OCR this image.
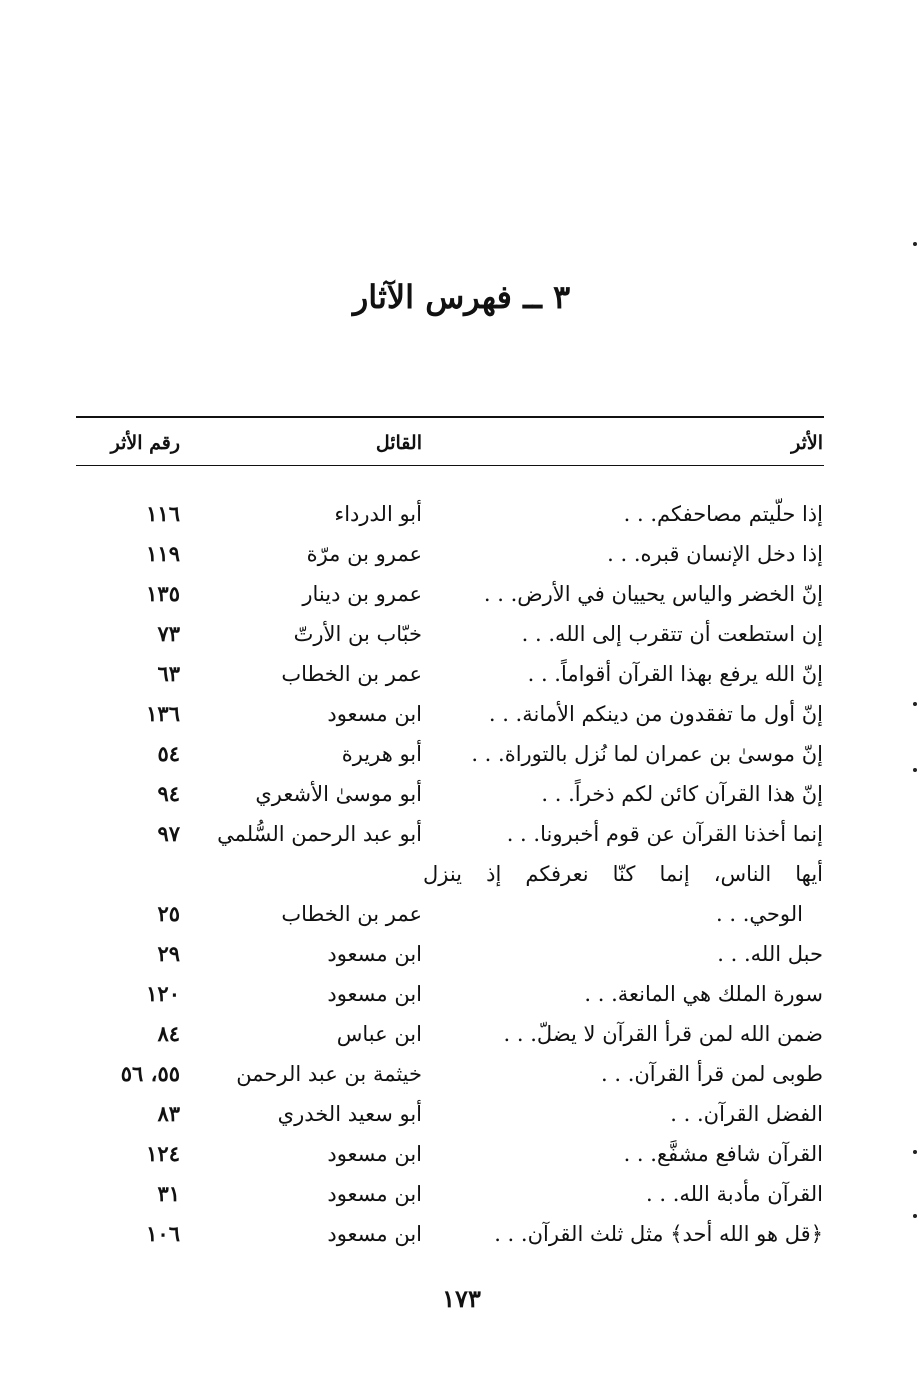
٣ ــ فهرس الآثار
الأثر
القائل
رقم الأثر
إذا حلّيتم مصاحفكم. . .
أبو الدرداء
١١٦
إذا دخل الإنسان قبره. . .
عمرو بن مرّة
١١٩
إنّ الخضر والياس يحييان في الأرض. . .
عمرو بن دينار
١٣٥
إن استطعت أن تتقرب إلى الله. . .
خبّاب بن الأرتّ
٧٣
إنّ الله يرفع بهذا القرآن أقواماً. . .
عمر بن الخطاب
٦٣
إنّ أول ما تفقدون من دينكم الأمانة. . .
ابن مسعود
١٣٦
إنّ موسىٰ بن عمران لما نُزل بالتوراة. . .
أبو هريرة
٥٤
إنّ هذا القرآن كائن لكم ذخراً. . .
أبو موسىٰ الأشعري
٩٤
إنما أخذنا القرآن عن قوم أخبرونا. . .
أبو عبد الرحمن السُّلمي
٩٧
أيها الناس، إنما كنّا نعرفكم إذ ينزل
الوحي. . .
عمر بن الخطاب
٢٥
حبل الله. . .
ابن مسعود
٢٩
سورة الملك هي المانعة. . .
ابن مسعود
١٢٠
ضمن الله لمن قرأ القرآن لا يضلّ. . .
ابن عباس
٨٤
طوبى لمن قرأ القرآن. . .
خيثمة بن عبد الرحمن
٥٥، ٥٦
الفضل القرآن. . .
أبو سعيد الخدري
٨٣
القرآن شافع مشفَّع. . .
ابن مسعود
١٢٤
القرآن مأدبة الله. . .
ابن مسعود
٣١
﴿قل هو الله أحد﴾ مثل ثلث القرآن. . .
ابن مسعود
١٠٦
١٧٣
